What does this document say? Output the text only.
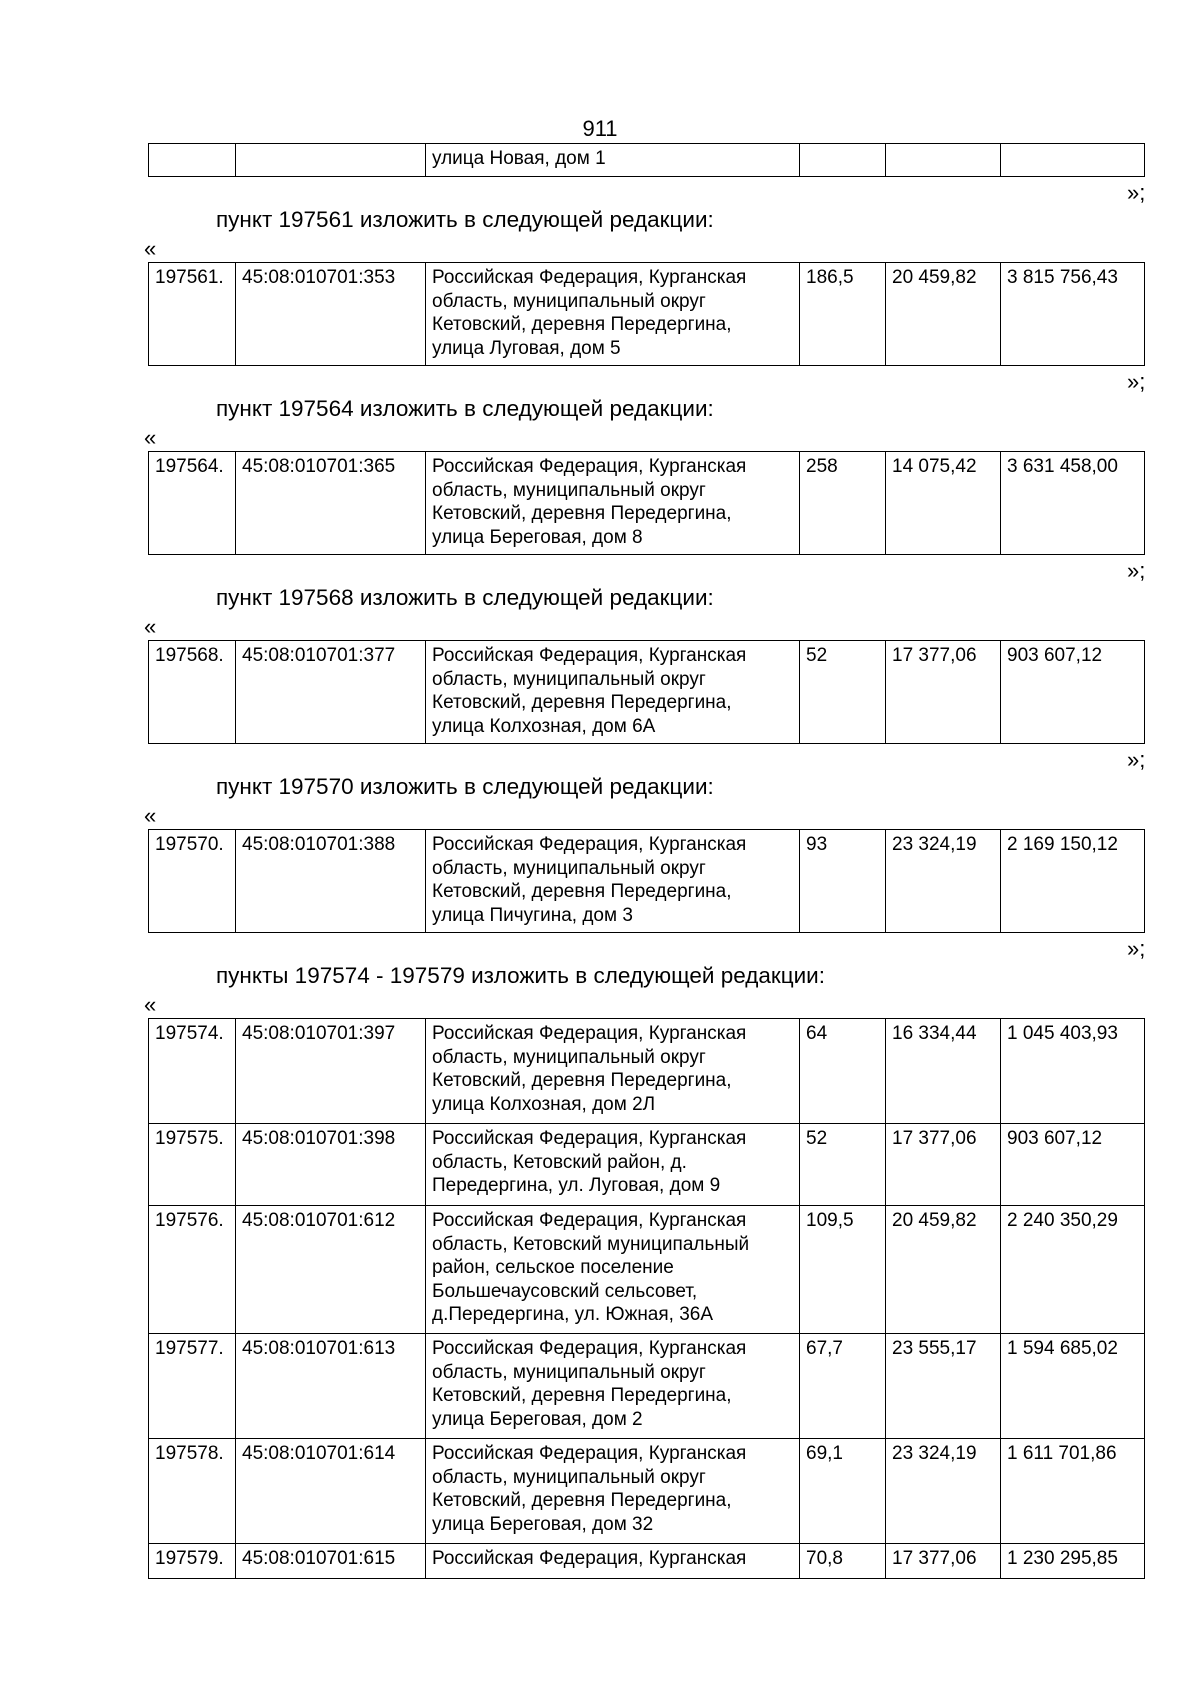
911
		улица Новая, дом 1			
»;
пункт 197561 изложить в следующей редакции:
«
197561.	45:08:010701:353	Российская Федерация, Курганская
область, муниципальный округ
Кетовский, деревня Передергина,
улица Луговая, дом 5	186,5	20 459,82	3 815 756,43
»;
пункт 197564 изложить в следующей редакции:
«
197564.	45:08:010701:365	Российская Федерация, Курганская
область, муниципальный округ
Кетовский, деревня Передергина,
улица Береговая, дом 8	258	14 075,42	3 631 458,00
»;
пункт 197568 изложить в следующей редакции:
«
197568.	45:08:010701:377	Российская Федерация, Курганская
область, муниципальный округ
Кетовский, деревня Передергина,
улица Колхозная, дом 6А	52	17 377,06	903 607,12
»;
пункт 197570 изложить в следующей редакции:
«
197570.	45:08:010701:388	Российская Федерация, Курганская
область, муниципальный округ
Кетовский, деревня Передергина,
улица Пичугина, дом 3	93	23 324,19	2 169 150,12
»;
пункты 197574 - 197579 изложить в следующей редакции:
«
197574.	45:08:010701:397	Российская Федерация, Курганская
область, муниципальный округ
Кетовский, деревня Передергина,
улица Колхозная, дом 2Л	64	16 334,44	1 045 403,93
197575.	45:08:010701:398	Российская Федерация, Курганская
область, Кетовский район, д.
Передергина, ул. Луговая, дом 9	52	17 377,06	903 607,12
197576.	45:08:010701:612	Российская Федерация, Курганская
область, Кетовский муниципальный
район, сельское поселение
Большечаусовский сельсовет,
д.Передергина, ул. Южная, 36А	109,5	20 459,82	2 240 350,29
197577.	45:08:010701:613	Российская Федерация, Курганская
область, муниципальный округ
Кетовский, деревня Передергина,
улица Береговая, дом 2	67,7	23 555,17	1 594 685,02
197578.	45:08:010701:614	Российская Федерация, Курганская
область, муниципальный округ
Кетовский, деревня Передергина,
улица Береговая, дом 32	69,1	23 324,19	1 611 701,86
197579.	45:08:010701:615	Российская Федерация, Курганская	70,8	17 377,06	1 230 295,85
